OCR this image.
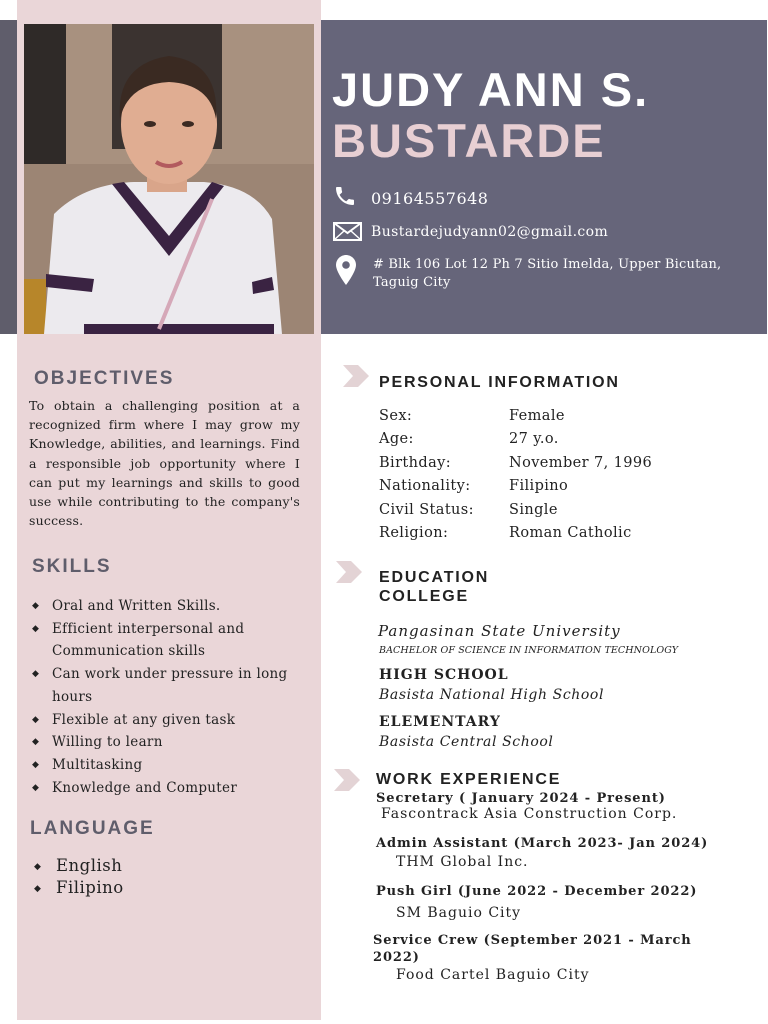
JUDY ANN S.
BUSTARDE
09164557648
Bustardejudyann02@gmail.com
# Blk 106 Lot 12 Ph 7 Sitio Imelda, Upper Bicutan, Taguig City
OBJECTIVES
To obtain a challenging position at a recognized firm where I may grow my Knowledge, abilities, and learnings. Find a responsible job opportunity where I can put my learnings and skills to good use while contributing to the company's success.
SKILLS
◆ Oral and Written Skills.
◆ Efficient interpersonal and Communication skills
◆ Can work under pressure in long hours
◆ Flexible at any given task
◆ Willing to learn
◆ Multitasking
◆ Knowledge and Computer
LANGUAGE
◆ English
◆ Filipino
PERSONAL INFORMATION
Sex:	Female
Age:	27 y.o.
Birthday:	November 7, 1996
Nationality:	Filipino
Civil Status: Single
Religion:	Roman Catholic
EDUCATION
COLLEGE
Pangasinan State University
BACHELOR OF SCIENCE IN INFORMATION TECHNOLOGY
HIGH SCHOOL
Basista National High School
ELEMENTARY
Basista Central School
WORK EXPERIENCE
Secretary ( January 2024 - Present)
Fascontrack Asia Construction Corp.
Admin Assistant (March 2023- Jan 2024)
THM Global Inc.
Push Girl (June 2022 - December 2022)
SM Baguio City
Service Crew (September 2021 - March 2022)
Food Cartel Baguio City
